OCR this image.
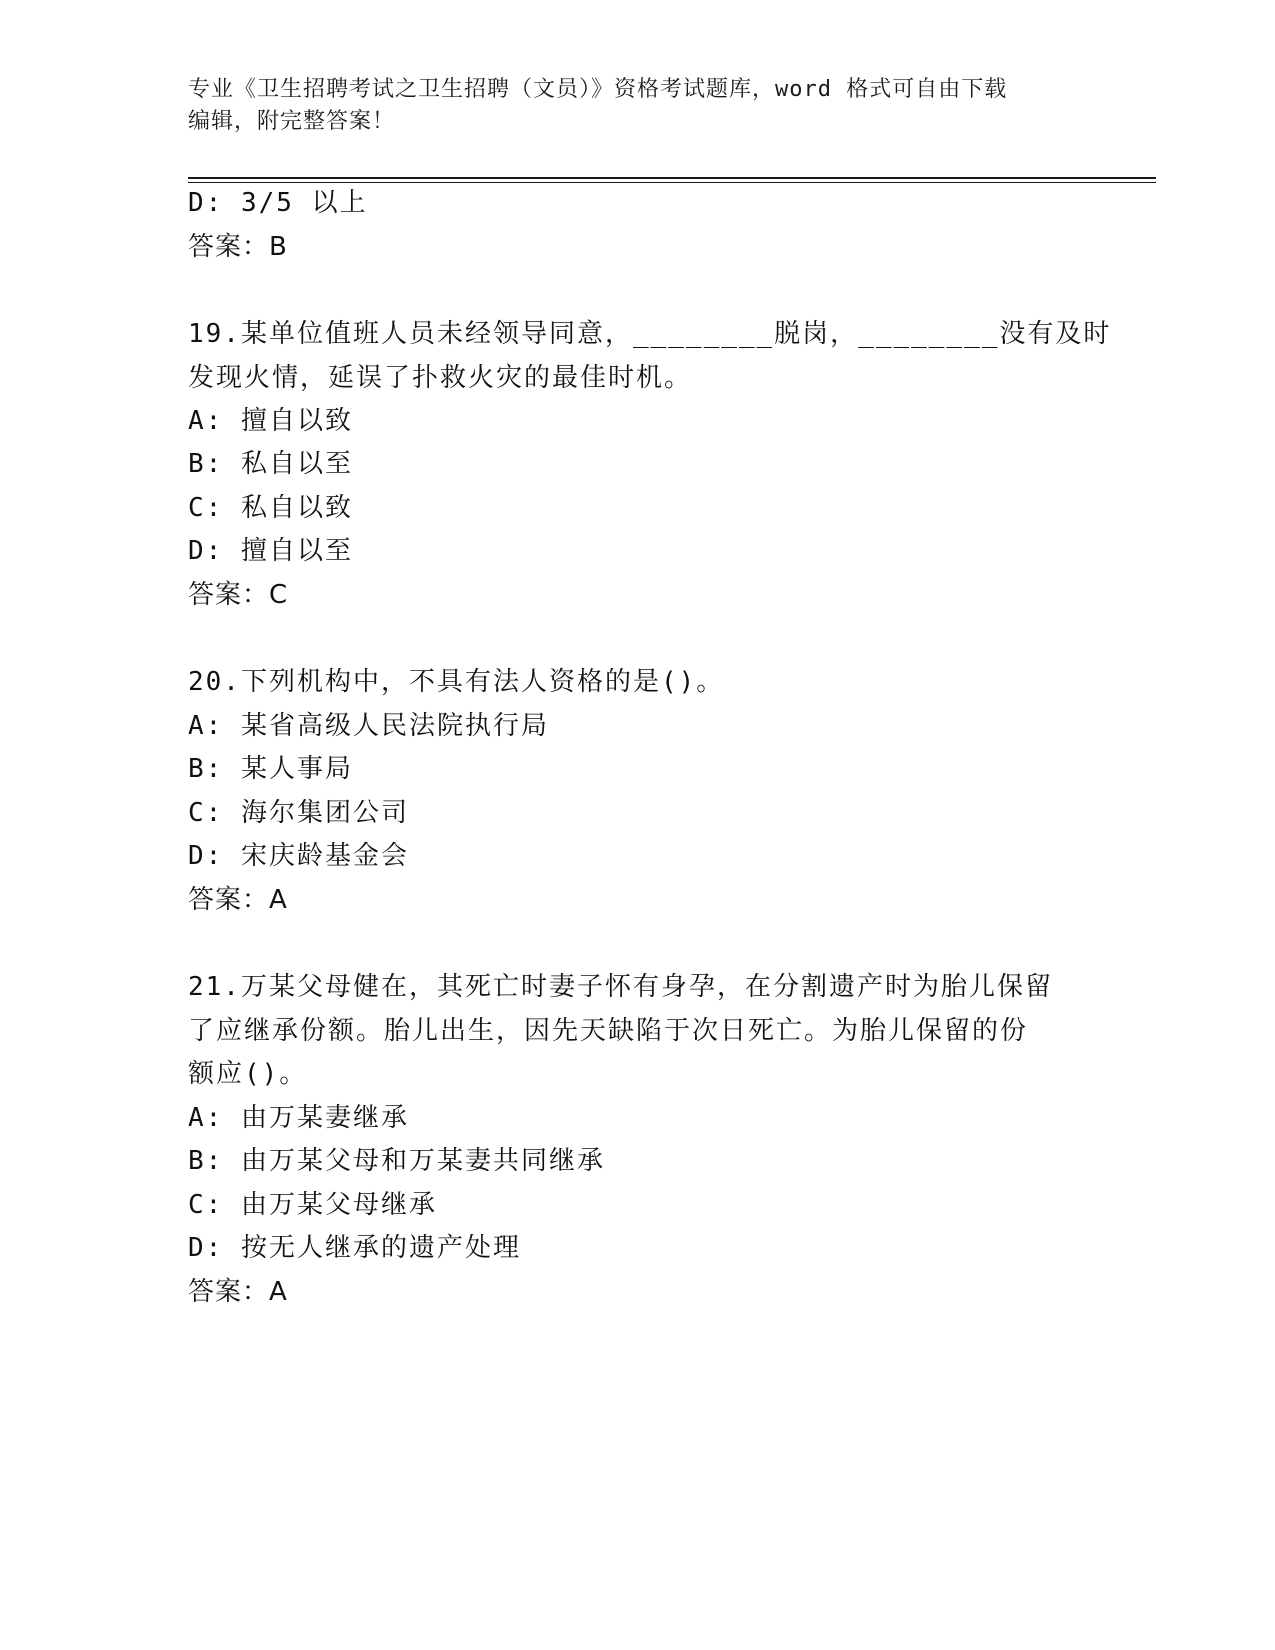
专业《卫生招聘考试之卫生招聘（文员）》资格考试题库，word 格式可自由下载
编辑，附完整答案！
D: 3/5 以上
答案：B
19.某单位值班人员未经领导同意，________脱岗，________没有及时
发现火情，延误了扑救火灾的最佳时机。
A: 擅自以致
B: 私自以至
C: 私自以致
D: 擅自以至
答案：C
20.下列机构中，不具有法人资格的是()。
A: 某省高级人民法院执行局
B: 某人事局
C: 海尔集团公司
D: 宋庆龄基金会
答案：A
21.万某父母健在，其死亡时妻子怀有身孕，在分割遗产时为胎儿保留
了应继承份额。胎儿出生，因先天缺陷于次日死亡。为胎儿保留的份
额应()。
A: 由万某妻继承
B: 由万某父母和万某妻共同继承
C: 由万某父母继承
D: 按无人继承的遗产处理
答案：A
